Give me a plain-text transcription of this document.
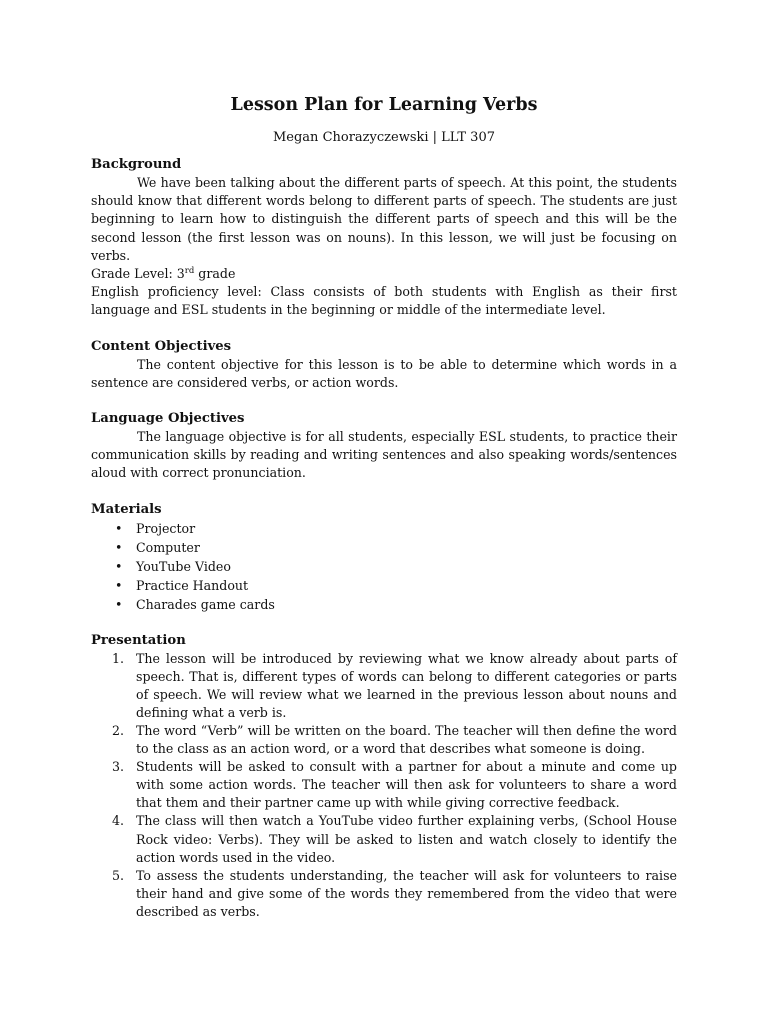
Lesson Plan for Learning Verbs
Megan Chorazyczewski | LLT 307
Background

We have been talking about the different parts of speech. At this point, the students should know that different words belong to different parts of speech. The students are just beginning to learn how to distinguish the different parts of speech and this will be the second lesson (the first lesson was on nouns). In this lesson, we will just be focusing on verbs.

Grade Level: 3rd grade

English proficiency level: Class consists of both students with English as their first language and ESL students in the beginning or middle of the intermediate level.

Content Objectives

The content objective for this lesson is to be able to determine which words in a sentence are considered verbs, or action words.

Language Objectives

The language objective is for all students, especially ESL students, to practice their communication skills by reading and writing sentences and also speaking words/sentences aloud with correct pronunciation.

Materials
• Projector
• Computer
• YouTube Video
• Practice Handout
• Charades game cards
Presentation
1. The lesson will be introduced by reviewing what we know already about parts of speech. That is, different types of words can belong to different categories or parts of speech. We will review what we learned in the previous lesson about nouns and defining what a verb is.
2. The word “Verb” will be written on the board. The teacher will then define the word to the class as an action word, or a word that describes what someone is doing.
3. Students will be asked to consult with a partner for about a minute and come up with some action words. The teacher will then ask for volunteers to share a word that them and their partner came up with while giving corrective feedback.
4. The class will then watch a YouTube video further explaining verbs, (School House Rock video: Verbs). They will be asked to listen and watch closely to identify the action words used in the video.
5. To assess the students understanding, the teacher will ask for volunteers to raise their hand and give some of the words they remembered from the video that were described as verbs.
